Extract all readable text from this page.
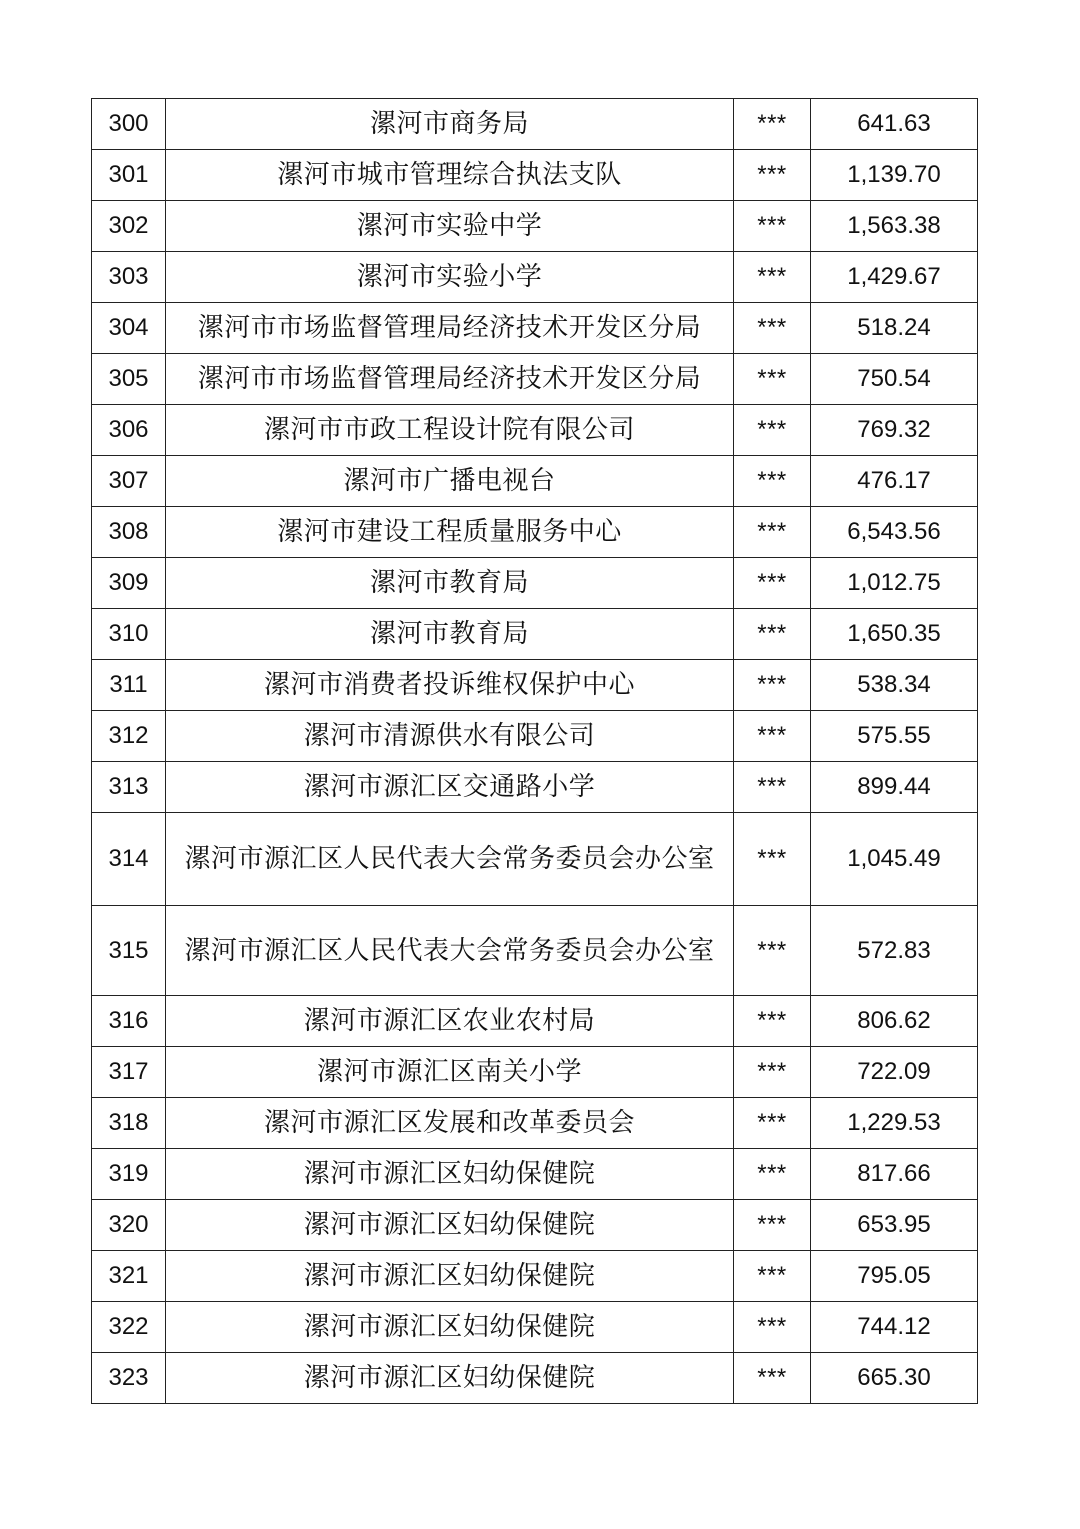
300	漯河市商务局	***	641.63
301	漯河市城市管理综合执法支队	***	1,139.70
302	漯河市实验中学	***	1,563.38
303	漯河市实验小学	***	1,429.67
304	漯河市市场监督管理局经济技术开发区分局	***	518.24
305	漯河市市场监督管理局经济技术开发区分局	***	750.54
306	漯河市市政工程设计院有限公司	***	769.32
307	漯河市广播电视台	***	476.17
308	漯河市建设工程质量服务中心	***	6,543.56
309	漯河市教育局	***	1,012.75
310	漯河市教育局	***	1,650.35
311	漯河市消费者投诉维权保护中心	***	538.34
312	漯河市清源供水有限公司	***	575.55
313	漯河市源汇区交通路小学	***	899.44
314	漯河市源汇区人民代表大会常务委员会办公室	***	1,045.49
315	漯河市源汇区人民代表大会常务委员会办公室	***	572.83
316	漯河市源汇区农业农村局	***	806.62
317	漯河市源汇区南关小学	***	722.09
318	漯河市源汇区发展和改革委员会	***	1,229.53
319	漯河市源汇区妇幼保健院	***	817.66
320	漯河市源汇区妇幼保健院	***	653.95
321	漯河市源汇区妇幼保健院	***	795.05
322	漯河市源汇区妇幼保健院	***	744.12
323	漯河市源汇区妇幼保健院	***	665.30
